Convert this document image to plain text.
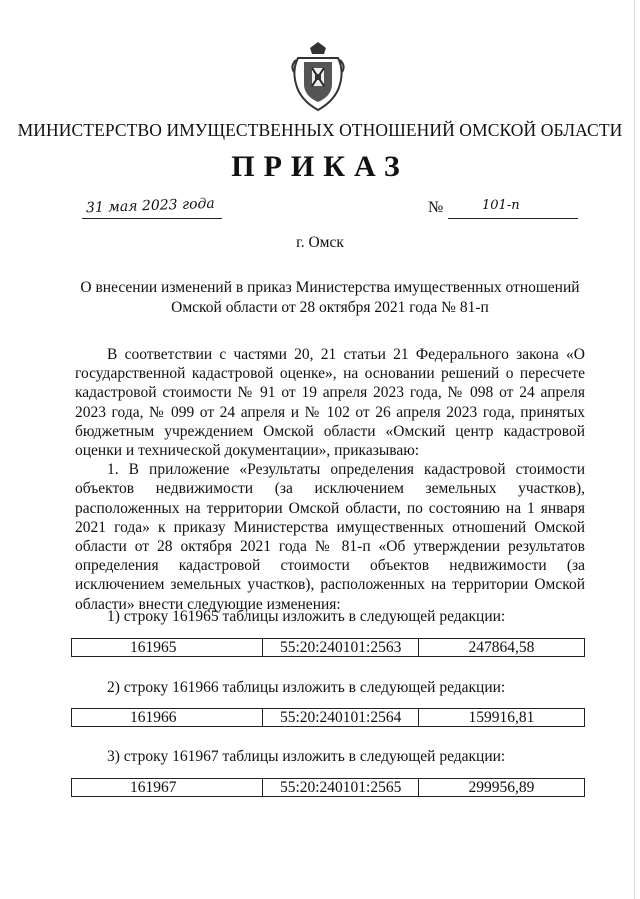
МИНИСТЕРСТВО ИМУЩЕСТВЕННЫХ ОТНОШЕНИЙ ОМСКОЙ ОБЛАСТИ
ПРИКАЗ
31 мая 2023 года	№	101-п
г. Омск
О внесении изменений в приказ Министерства имущественных отношений
Омской области от 28 октября 2021 года № 81-п

В соответствии с частями 20, 21 статьи 21 Федерального закона «О государственной кадастровой оценке», на основании решений о пересчете кадастровой стоимости № 91 от 19 апреля 2023 года, № 098 от 24 апреля 2023 года, № 099 от 24 апреля и № 102 от 26 апреля 2023 года, принятых бюджетным учреждением Омской области «Омский центр кадастровой оценки и технической документации», приказываю:

1. В приложение «Результаты определения кадастровой стоимости объектов недвижимости (за исключением земельных участков), расположенных на территории Омской области, по состоянию на 1 января 2021 года» к приказу Министерства имущественных отношений Омской области от 28 октября 2021 года № 81-п «Об утверждении результатов определения кадастровой стоимости объектов недвижимости (за исключением земельных участков), расположенных на территории Омской области» внести следующие изменения:

1) строку 161965 таблицы изложить в следующей редакции:
161965	55:20:240101:2563	247864,58
2) строку 161966 таблицы изложить в следующей редакции:
161966	55:20:240101:2564	159916,81
3) строку 161967 таблицы изложить в следующей редакции:
161967	55:20:240101:2565	299956,89
